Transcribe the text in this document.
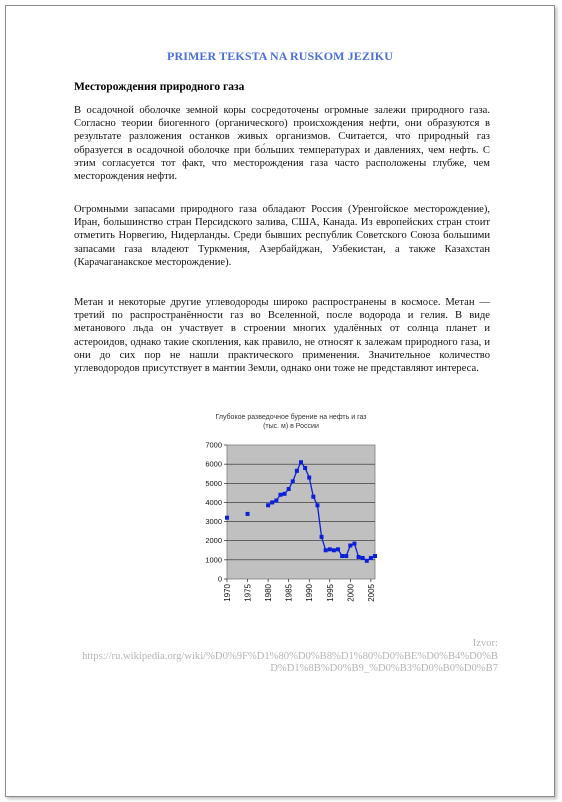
PRIMER TEKSTA NA RUSKOM JEZIKU
Месторождения природного газа
В осадочной оболочке земной коры сосредоточены огромные залежи природного газа. Согласно теории биогенного (органического) происхождения нефти, они образуются в результате разложения останков живых организмов. Считается, что природный газ образуется в осадочной оболочке при бо́льших температурах и давлениях, чем нефть. С этим согласуется тот факт, что месторождения газа часто расположены глубже, чем месторождения нефти.
Огромными запасами природного газа обладают Россия (Уренгойское месторождение), Иран, большинство стран Персидского залива, США, Канада. Из европейских стран стоит отметить Норвегию, Нидерланды. Среди бывших республик Советского Союза большими запасами газа владеют Туркмения, Азербайджан, Узбекистан, а также Казахстан (Карачаганакское месторождение).
Метан и некоторые другие углеводороды широко распространены в космосе. Метан — третий по распространённости газ во Вселенной, после водорода и гелия. В виде метанового льда он участвует в строении многих удалённых от солнца планет и астероидов, однако такие скопления, как правило, не относят к залежам природного газа, и они до сих пор не нашли практического применения. Значительное количество углеводородов присутствует в мантии Земли, однако они тоже не представляют интереса.
Глубокое разведочное бурение на нефть и газ (тыс. м) в России
0
1000
2000
3000
4000
5000
6000
7000
1970 1975 1980 1985 1990 1995 2000 2005
Izvor:
https://ru.wikipedia.org/wiki/%D0%9F%D1%80%D0%B8%D1%80%D0%BE%D0%B4%D0%BD%D1%8B%D0%B9_%D0%B3%D0%B0%D0%B7
